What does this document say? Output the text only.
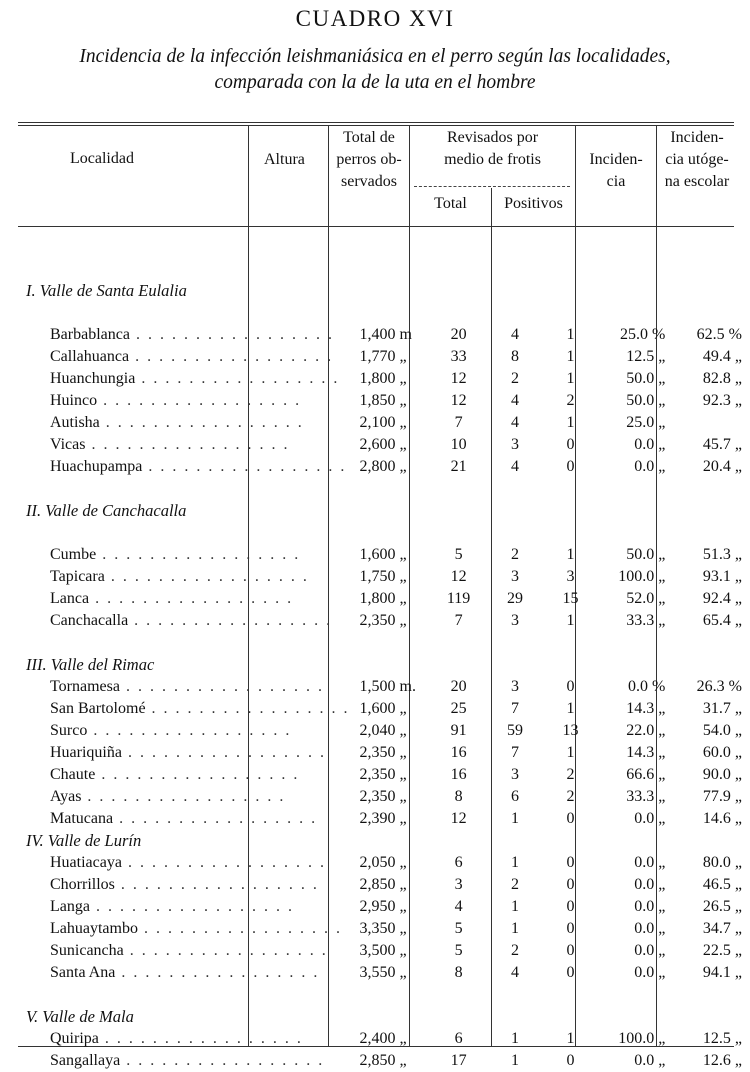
CUADRO XVI
Incidencia de la infección leishmaniásica en el perro según las localidades, comparada con la de la uta en el hombre
Localidad	Altura
Total de
perros ob-
servados
Revisados por
medio de frotis
Total	Positivos
Inciden-
cia
Inciden-
cia utóge-
na escolar

I. Valle de Santa Eulalia						

Barbablanca . . . . . . . . . . . . . . . . .	1,400 m	20	4	1	25.0 %	62.5 %
Callahuanca . . . . . . . . . . . . . . . . .	1,770 „	33	8	1	12.5 „	49.4 „
Huanchungia . . . . . . . . . . . . . . . . .	1,800 „	12	2	1	50.0 „	82.8 „
Huinco . . . . . . . . . . . . . . . . .	1,850 „	12	4	2	50.0 „	92.3 „
Autisha . . . . . . . . . . . . . . . . .	2,100 „	7	4	1	25.0 „	
Vicas . . . . . . . . . . . . . . . . .	2,600 „	10	3	0	0.0 „	45.7 „
Huachupampa . . . . . . . . . . . . . . . . .	2,800 „	21	4	0	0.0 „	20.4 „

II. Valle de Canchacalla						

Cumbe . . . . . . . . . . . . . . . . .	1,600 „	5	2	1	50.0 „	51.3 „
Tapicara . . . . . . . . . . . . . . . . .	1,750 „	12	3	3	100.0 „	93.1 „
Lanca . . . . . . . . . . . . . . . . .	1,800 „	119	29	15	52.0 „	92.4 „
Canchacalla . . . . . . . . . . . . . . . . .	2,350 „	7	3	1	33.3 „	65.4 „

III. Valle del Rimac						
Tornamesa . . . . . . . . . . . . . . . . .	1,500 m.	20	3	0	0.0 %	26.3 %
San Bartolomé . . . . . . . . . . . . . . . . .	1,600 „	25	7	1	14.3 „	31.7 „
Surco . . . . . . . . . . . . . . . . .	2,040 „	91	59	13	22.0 „	54.0 „
Huariquiña . . . . . . . . . . . . . . . . .	2,350 „	16	7	1	14.3 „	60.0 „
Chaute . . . . . . . . . . . . . . . . .	2,350 „	16	3	2	66.6 „	90.0 „
Ayas . . . . . . . . . . . . . . . . .	2,350 „	8	6	2	33.3 „	77.9 „
Matucana . . . . . . . . . . . . . . . . .	2,390 „	12	1	0	0.0 „	14.6 „
IV. Valle de Lurín						
Huatiacaya . . . . . . . . . . . . . . . . .	2,050 „	6	1	0	0.0 „	80.0 „
Chorrillos . . . . . . . . . . . . . . . . .	2,850 „	3	2	0	0.0 „	46.5 „
Langa . . . . . . . . . . . . . . . . .	2,950 „	4	1	0	0.0 „	26.5 „
Lahuaytambo . . . . . . . . . . . . . . . . .	3,350 „	5	1	0	0.0 „	34.7 „
Sunicancha . . . . . . . . . . . . . . . . .	3,500 „	5	2	0	0.0 „	22.5 „
Santa Ana . . . . . . . . . . . . . . . . .	3,550 „	8	4	0	0.0 „	94.1 „

V. Valle de Mala						
Quiripa . . . . . . . . . . . . . . . . .	2,400 „	6	1	1	100.0 „	12.5 „
Sangallaya . . . . . . . . . . . . . . . . .	2,850 „	17	1	0	0.0 „	12.6 „
